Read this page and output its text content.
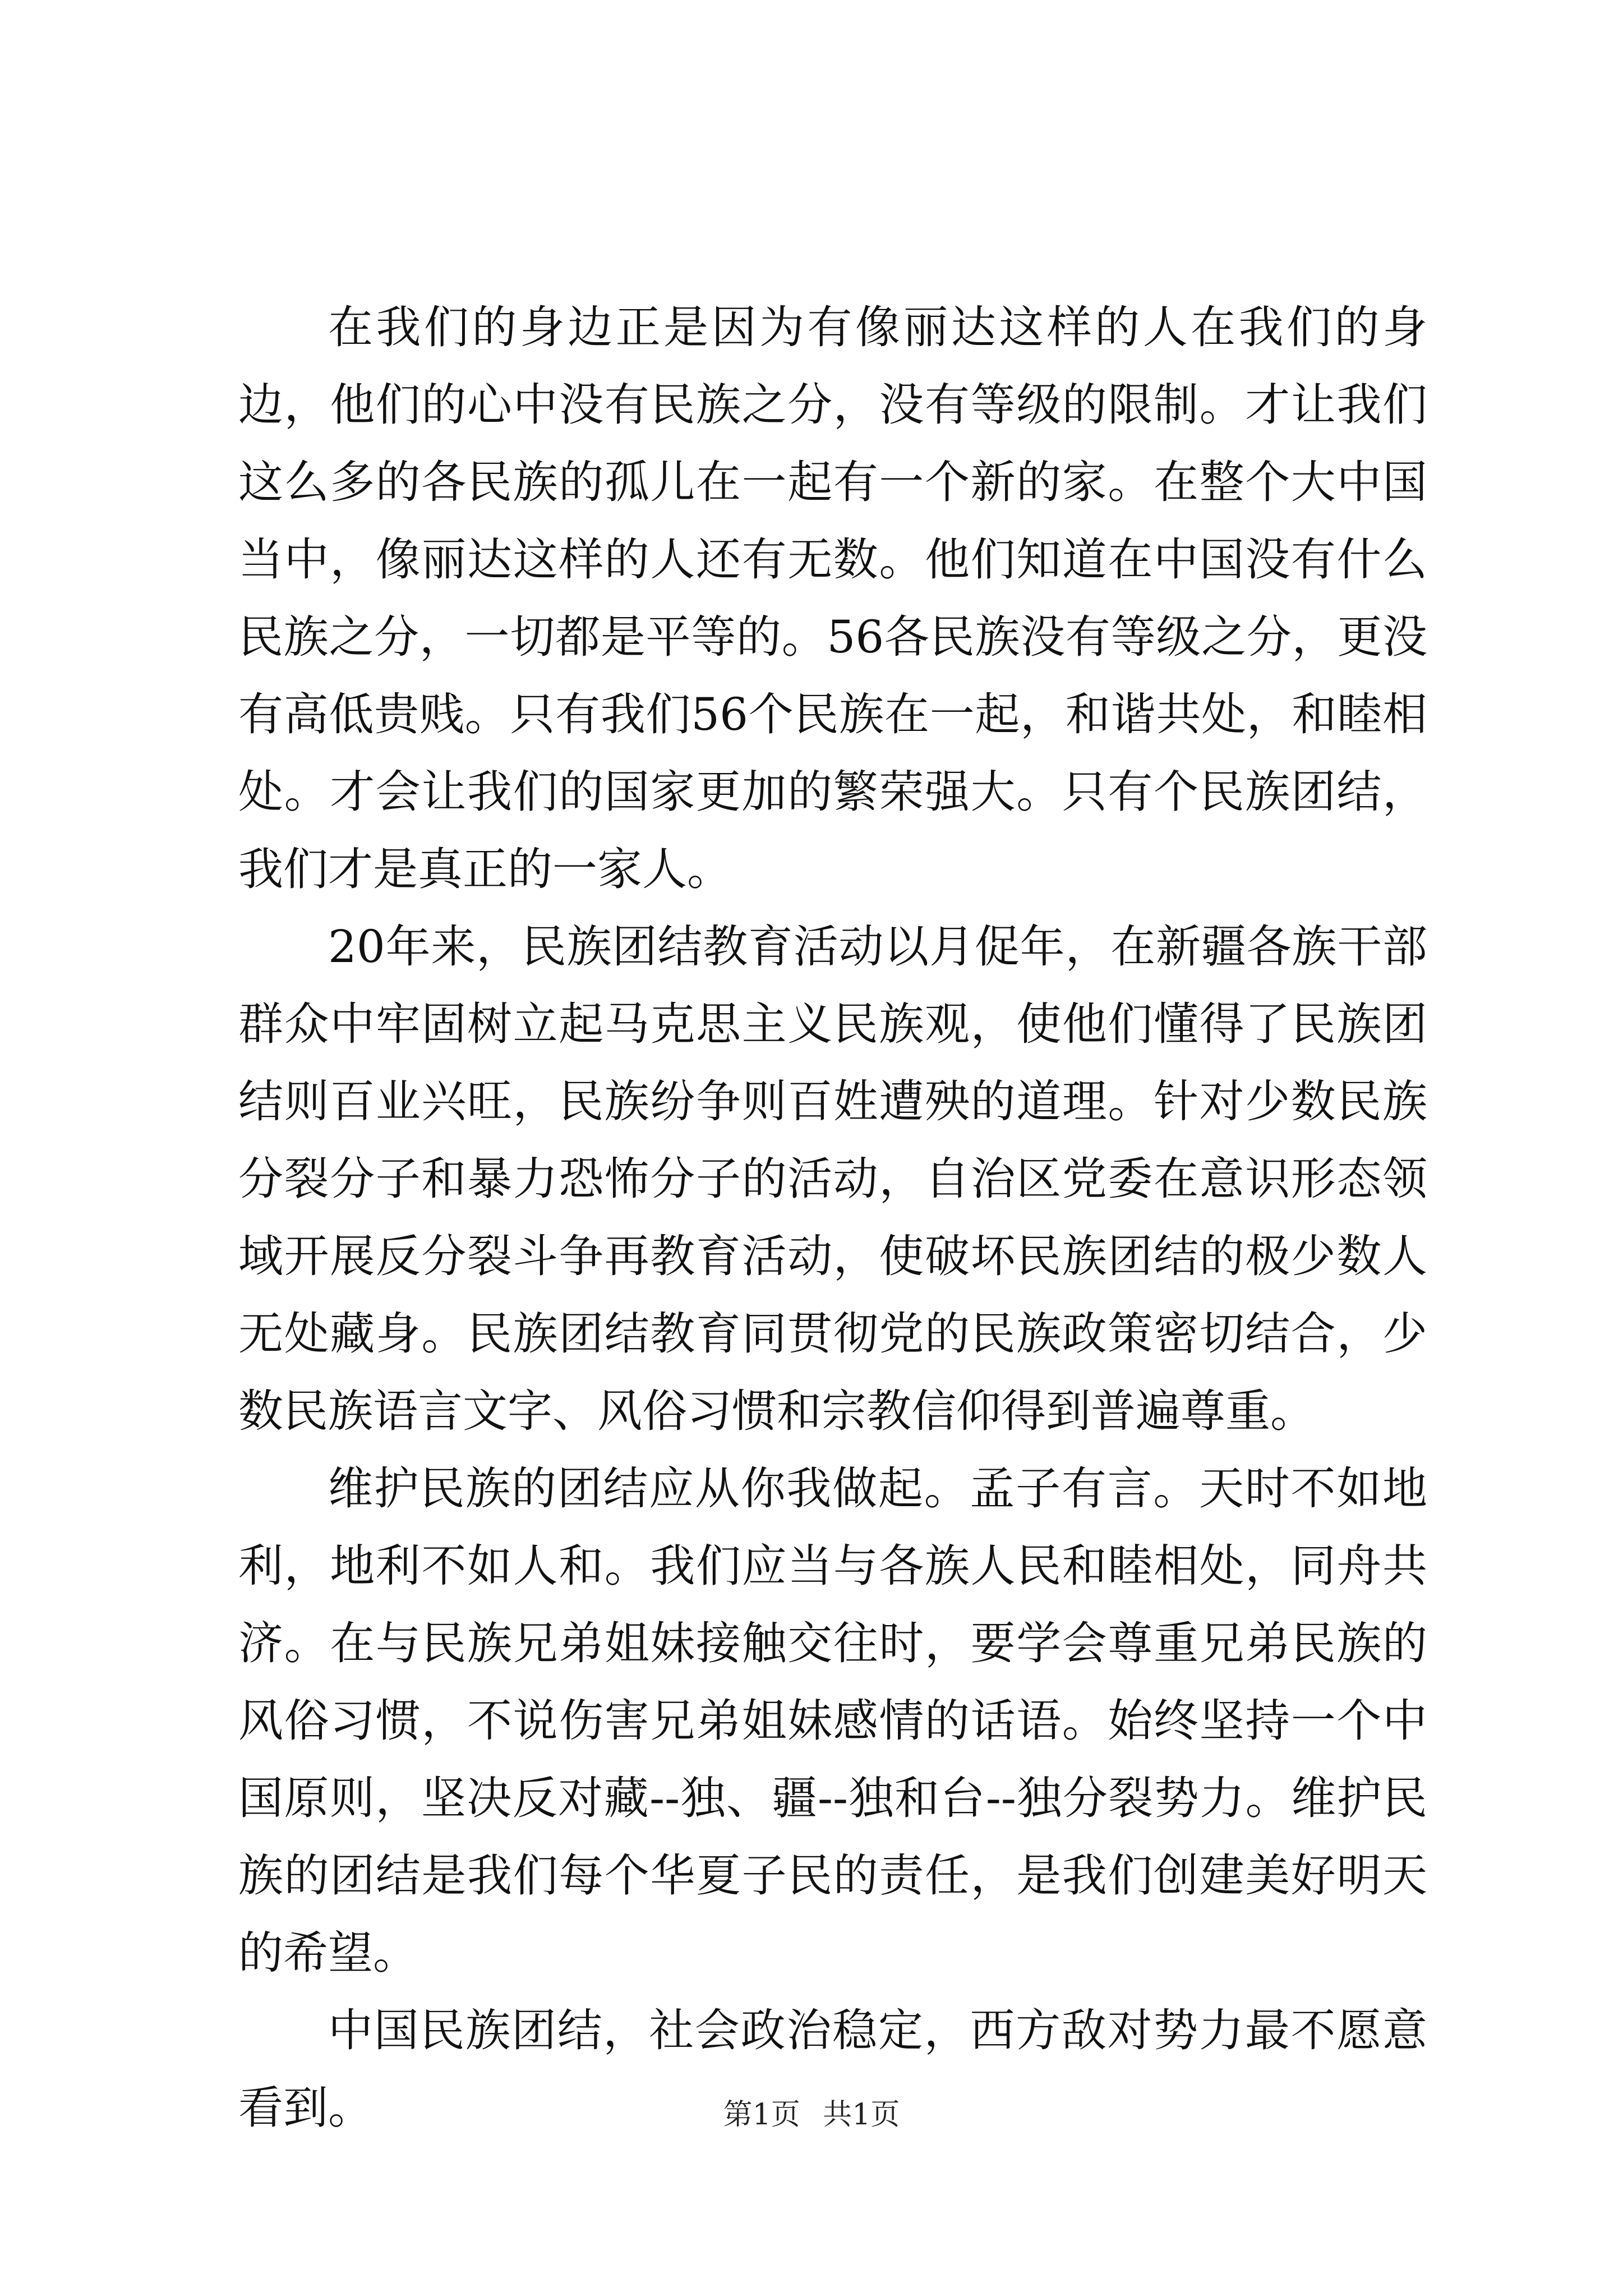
在我们的身边正是因为有像丽达这样的人在我们的身边，他们的心中没有民族之分，没有等级的限制。才让我们这么多的各民族的孤儿在一起有一个新的家。在整个大中国当中，像丽达这样的人还有无数。他们知道在中国没有什么民族之分，一切都是平等的。56各民族没有等级之分，更没有高低贵贱。只有我们56个民族在一起，和谐共处，和睦相处。才会让我们的国家更加的繁荣强大。只有个民族团结，我们才是真正的一家人。

20年来，民族团结教育活动以月促年，在新疆各族干部群众中牢固树立起马克思主义民族观，使他们懂得了民族团结则百业兴旺，民族纷争则百姓遭殃的道理。针对少数民族分裂分子和暴力恐怖分子的活动，自治区党委在意识形态领域开展反分裂斗争再教育活动，使破坏民族团结的极少数人无处藏身。民族团结教育同贯彻党的民族政策密切结合，少数民族语言文字、风俗习惯和宗教信仰得到普遍尊重。

维护民族的团结应从你我做起。孟子有言。天时不如地利，地利不如人和。我们应当与各族人民和睦相处，同舟共济。在与民族兄弟姐妹接触交往时，要学会尊重兄弟民族的风俗习惯，不说伤害兄弟姐妹感情的话语。始终坚持一个中国原则，坚决反对藏--独、疆--独和台--独分裂势力。维护民族的团结是我们每个华夏子民的责任，是我们创建美好明天的希望。

中国民族团结，社会政治稳定，西方敌对势力最不愿意看到。	第1页 共1页
